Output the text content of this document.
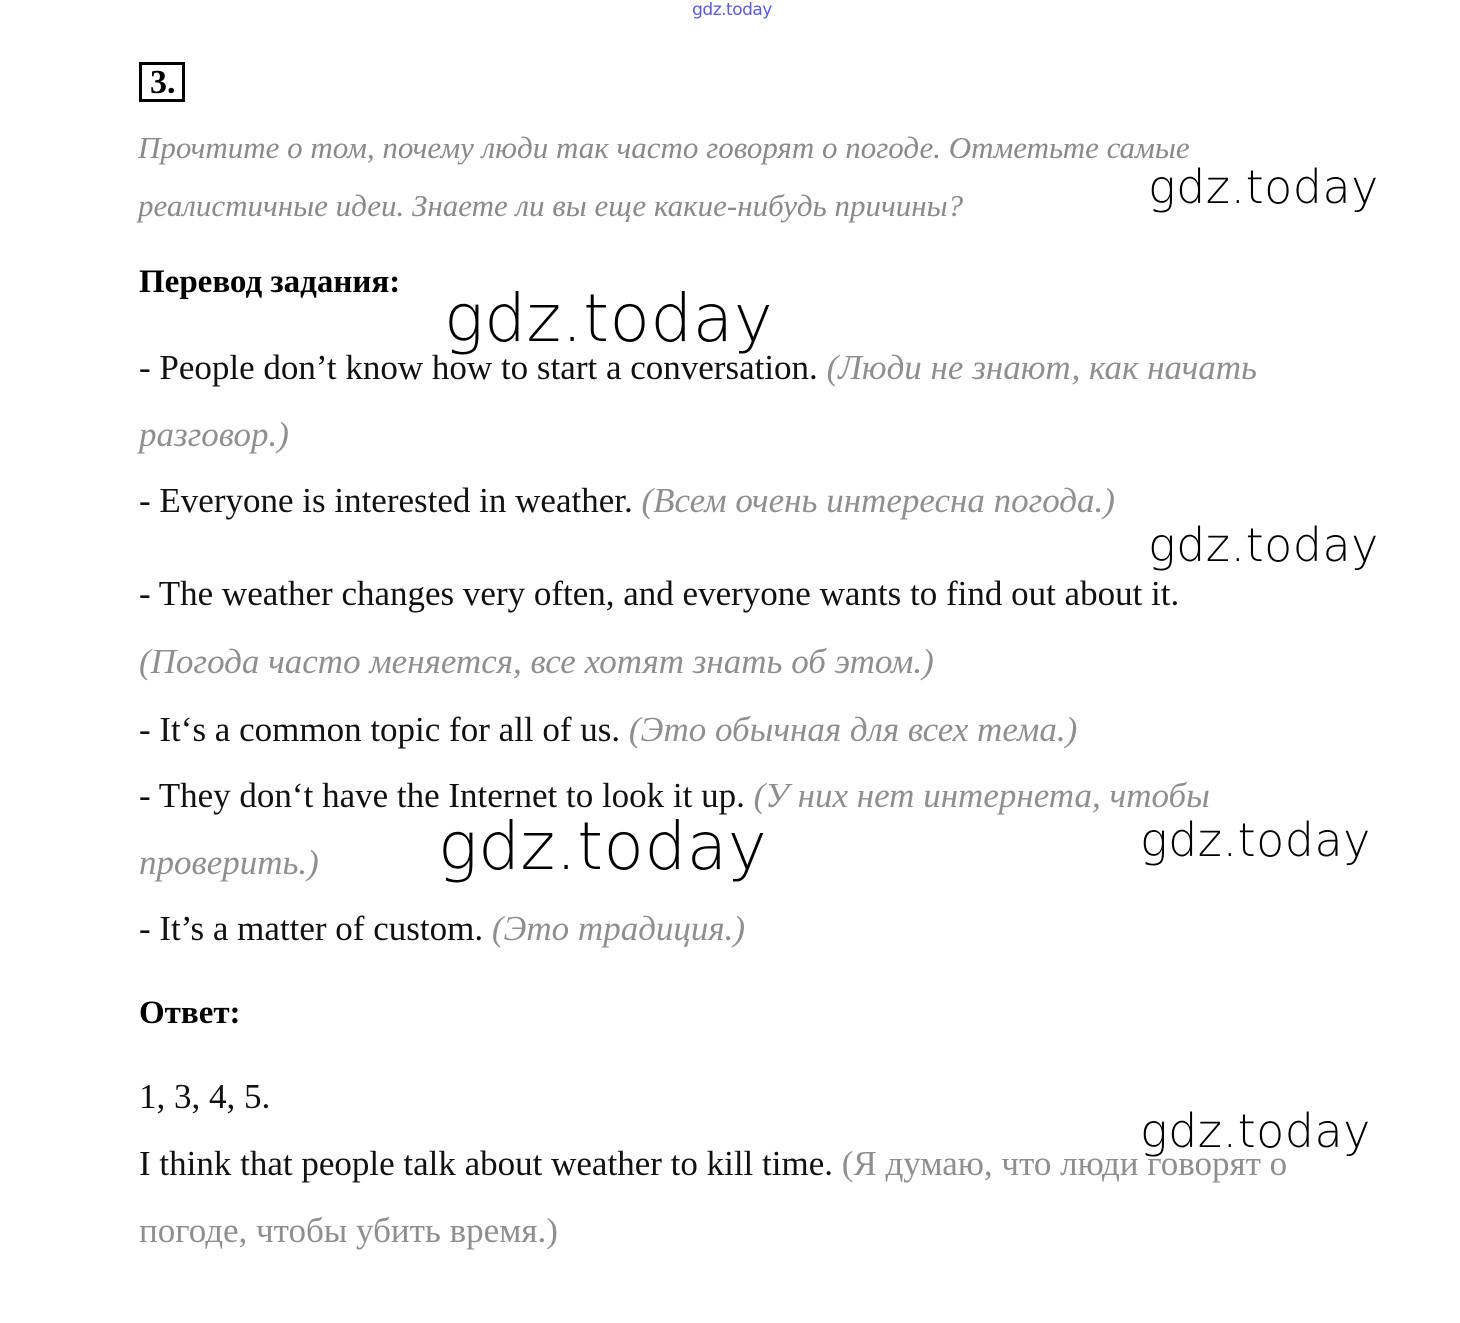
gdz.today
3.
Прочтите о том, почему люди так часто говорят о погоде. Отметьте самые
реалистичные идеи. Знаете ли вы еще какие-нибудь причины?
Перевод задания:
- People don’t know how to start a conversation. (Люди не знают, как начать
разговор.)
- Everyone is interested in weather. (Всем очень интересна погода.)
- The weather changes very often, and everyone wants to find out about it.
(Погода часто меняется, все хотят знать об этом.)
- It‘s a common topic for all of us. (Это обычная для всех тема.)
- They don‘t have the Internet to look it up. (У них нет интернета, чтобы
проверить.)
- It’s a matter of custom. (Это традиция.)
Ответ:
1, 3, 4, 5.
I think that people talk about weather to kill time. (Я думаю, что люди говорят о
погоде, чтобы убить время.)
gdz.today
gdz.today
gdz.today
gdz.today	gdz.today
gdz.today
